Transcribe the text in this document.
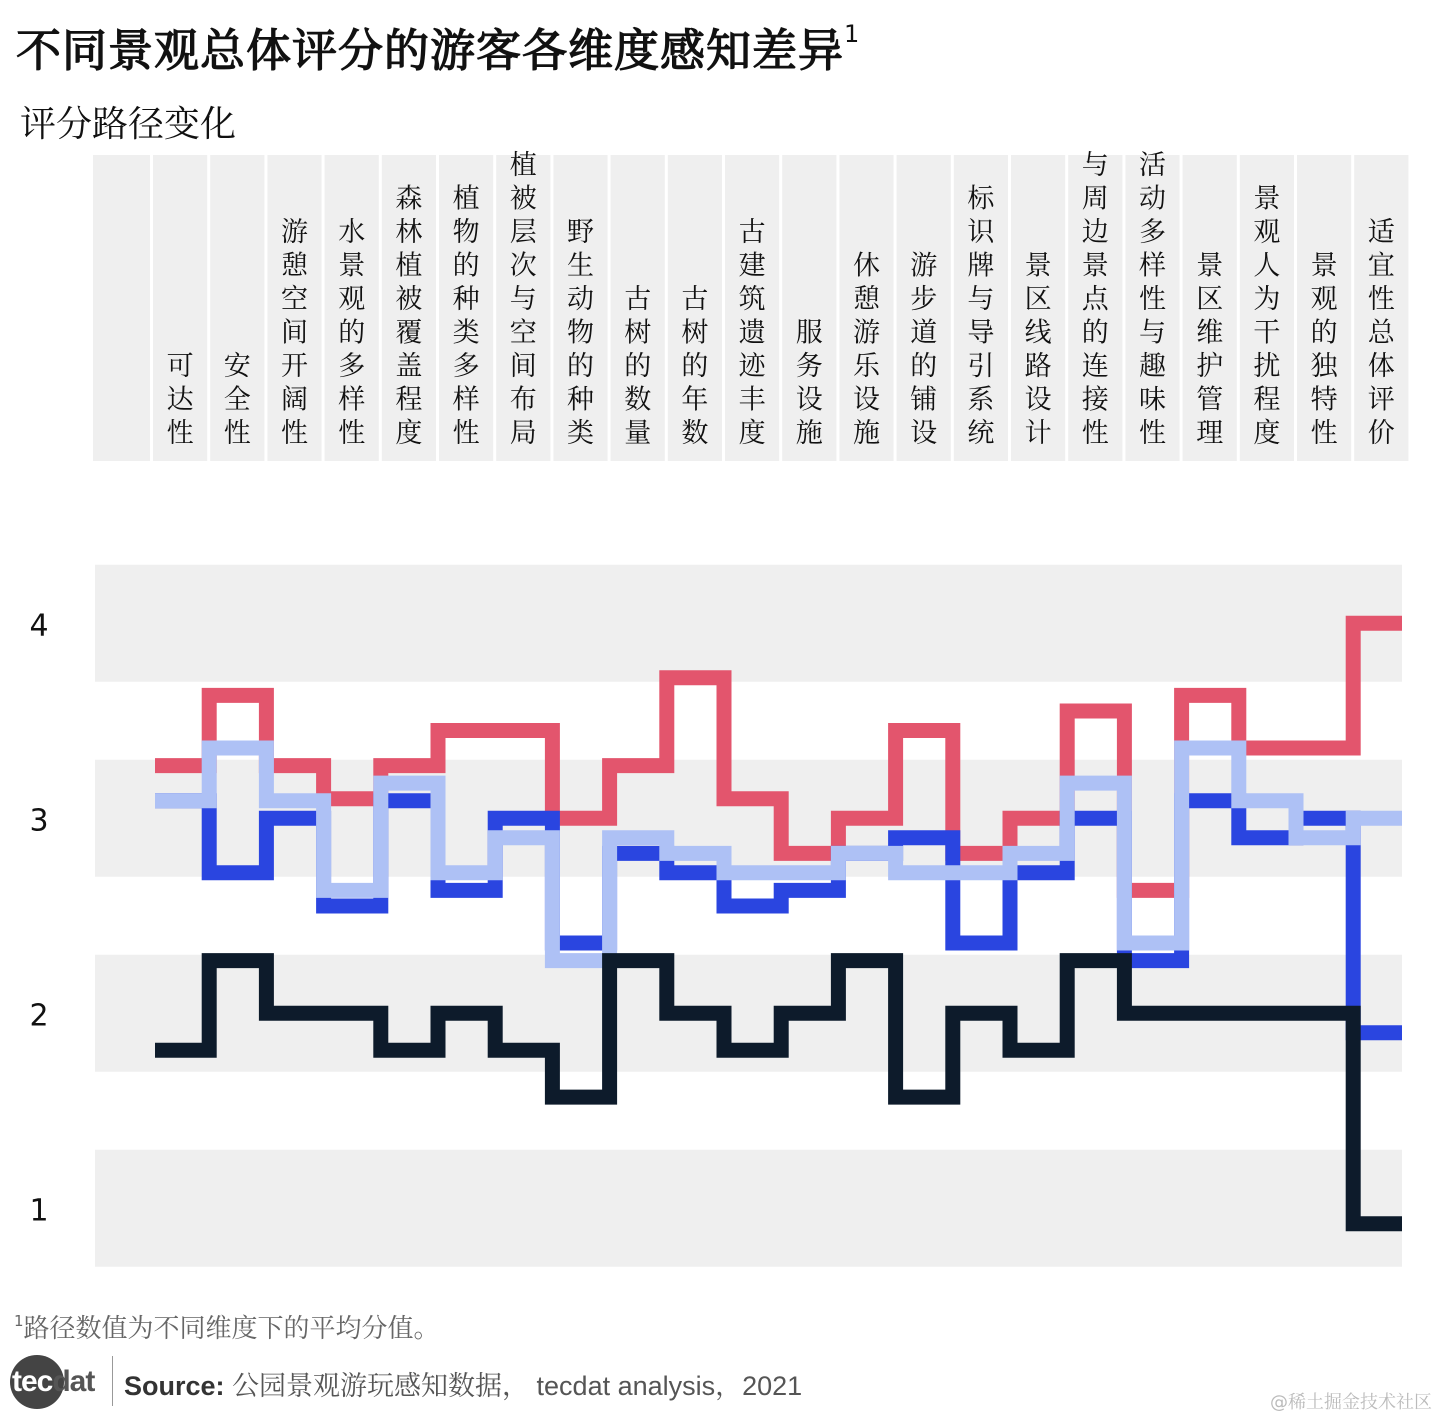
不同景观总体评分的游客各维度感知差异$^1$
评分路径变化
1
2
3
4
可达性
安全性
游憩空间开阔性
水景观的多样性
森林植被覆盖程度
植物的种类多样性
植被层次与空间布局
野生动物的种类
古树的数量
古树的年数
古建筑遗迹丰度
服务设施
休憩游乐设施
游步道的铺设
标识牌与导引系统
景区线路设计
与周边景点的连接性
活动多样性与趣味性
景区维护管理
景观人为干扰程度
景观的独特性
适宜性总体评价
$^1$路径数值为不同维度下的平均分值。
tecdat Source: 公园景观游玩感知数据， tecdat analysis，2021
@稀土掘金技术社区
